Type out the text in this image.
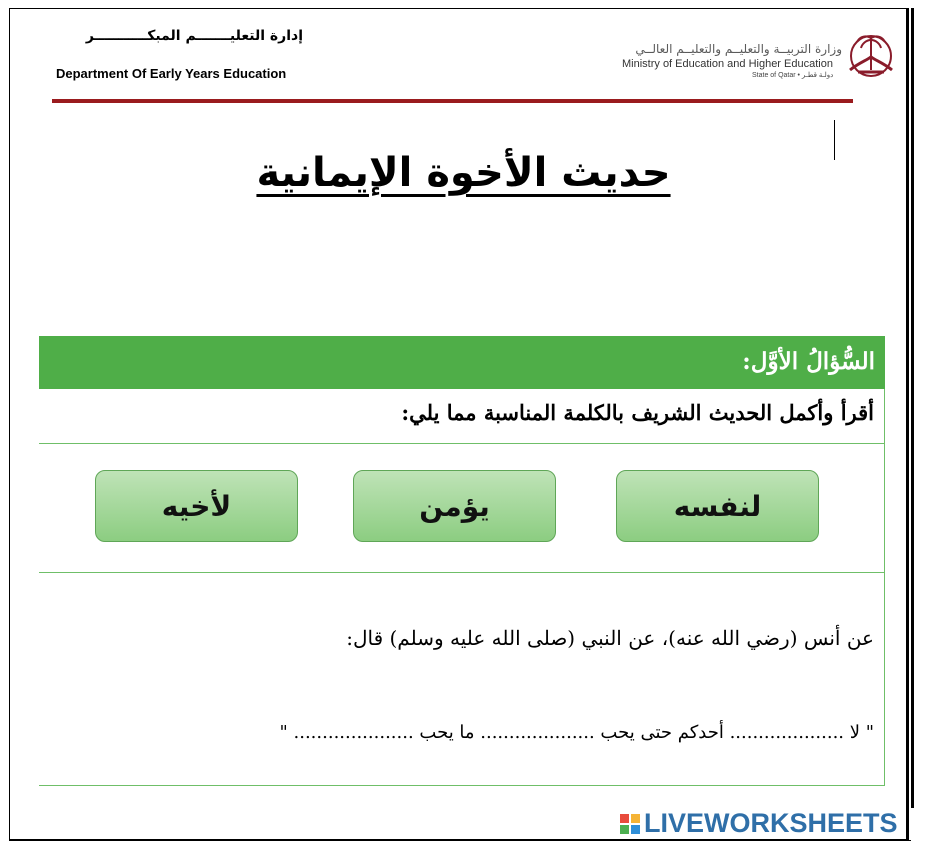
إدارة التعليـــــــم المبكـــــــــــر
Department Of Early Years Education
وزارة التربيــة والتعليــم والتعليــم العالــي
Ministry of Education and Higher Education
State of Qatar • دولـة قطـر
حديث الأخوة الإيمانية
السُّؤالُ الأوَّل:
أقرأ وأكمل الحديث الشريف بالكلمة المناسبة مما يلي:
لنفسه
يؤمن
لأخيه
عن أنس (رضي الله عنه)، عن النبي (صلى الله عليه وسلم) قال:
" لا .................... أحدكم حتى يحب .................... ما يحب ..................... "
LIVEWORKSHEETS
